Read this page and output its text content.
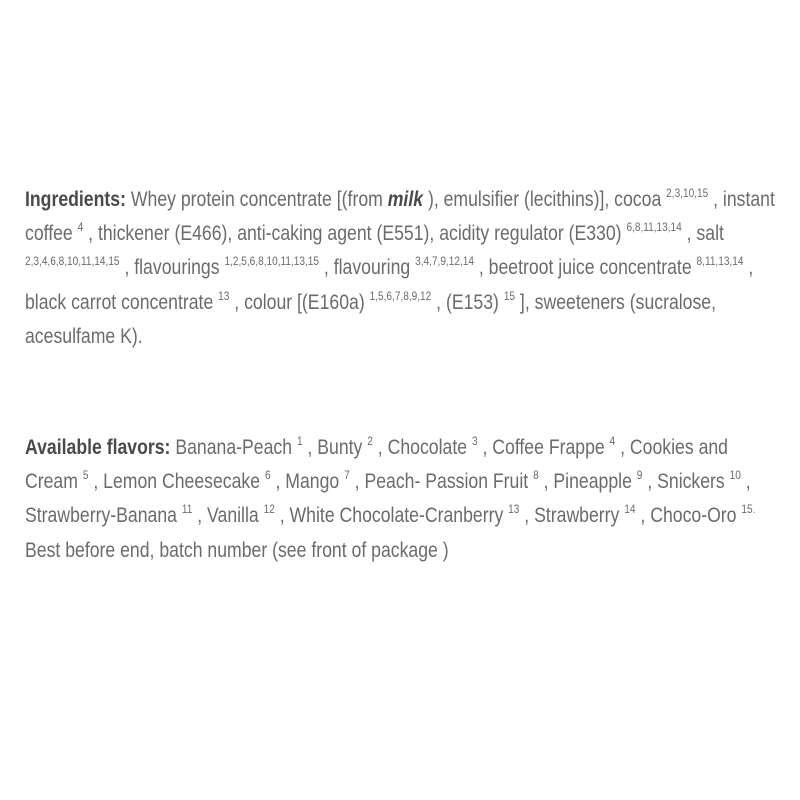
Ingredients: Whey protein concentrate [(from milk ), emulsifier (lecithins)], cocoa $^{2,3,10,15}$ , instant coffee $^4$ , thickener (E466), anti-caking agent (E551), acidity regulator (E330) $^{6,8,11,13,14}$ , salt $^{2,3,4,6,8,10,11,14,15}$ , flavourings $^{1,2,5,6,8,10,11,13,15}$ , flavouring $^{3,4,7,9,12,14}$ , beetroot juice concentrate $^{8,11,13,14}$ , black carrot concentrate $^{13}$ , colour [(E160a) $^{1,5,6,7,8,9,12}$ , (E153) $^{15}$ ], sweeteners (sucralose, acesulfame K).
Available flavors: Banana-Peach $^1$ , Bunty $^2$ , Chocolate $^3$ , Coffee Frappe $^4$ , Cookies and Cream $^5$ , Lemon Cheesecake $^6$ , Mango $^7$ , Peach- Passion Fruit $^8$ , Pineapple $^9$ , Snickers $^{10}$ , Strawberry-Banana $^{11}$ , Vanilla $^{12}$ , White Chocolate-Cranberry $^{13}$ , Strawberry $^{14}$ , Choco-Oro $^{15.}$ Best before end, batch number (see front of package )
